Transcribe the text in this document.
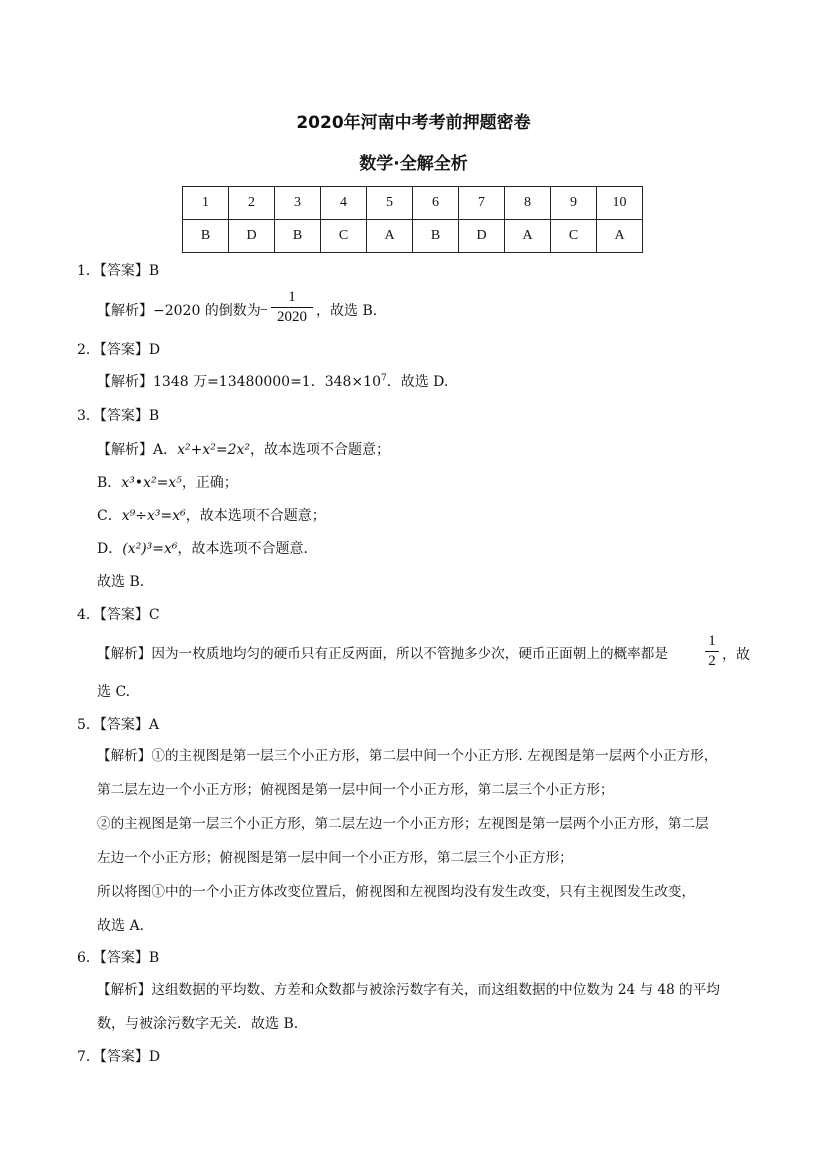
2020年河南中考考前押题密卷
数学·全解全析
1	2	3	4	5	6	7	8	9	10
B	D	B	C	A	B	D	A	C	A
1．【答案】B
【解析】−2020 的倒数为 −
1
2020 ，故选 B.
2．【答案】D
【解析】1348 万=13480000=1．$348\times 10^7$．故选 D.
3．【答案】B
【解析】A．x²+x²=2x²，故本选项不合题意；
B．x³•x²=x⁵，正确；
C．x⁹÷x³=x⁶，故本选项不合题意；
D．(x²)³=x⁶，故本选项不合题意．
故选 B.
4．【答案】C
【解析】因为一枚质地均匀的硬币只有正反两面，所以不管抛多少次，硬币正面朝上的概率都是
1
2 ，故
选 C.
5．【答案】A
【解析】①的主视图是第一层三个小正方形，第二层中间一个小正方形. 左视图是第一层两个小正方形，
第二层左边一个小正方形；俯视图是第一层中间一个小正方形，第二层三个小正方形；
②的主视图是第一层三个小正方形，第二层左边一个小正方形；左视图是第一层两个小正方形，第二层
左边一个小正方形；俯视图是第一层中间一个小正方形，第二层三个小正方形；
所以将图①中的一个小正方体改变位置后，俯视图和左视图均没有发生改变，只有主视图发生改变，
故选 A.
6．【答案】B
【解析】这组数据的平均数、方差和众数都与被涂污数字有关，而这组数据的中位数为 24 与 48 的平均
数，与被涂污数字无关．故选 B.
7．【答案】D
